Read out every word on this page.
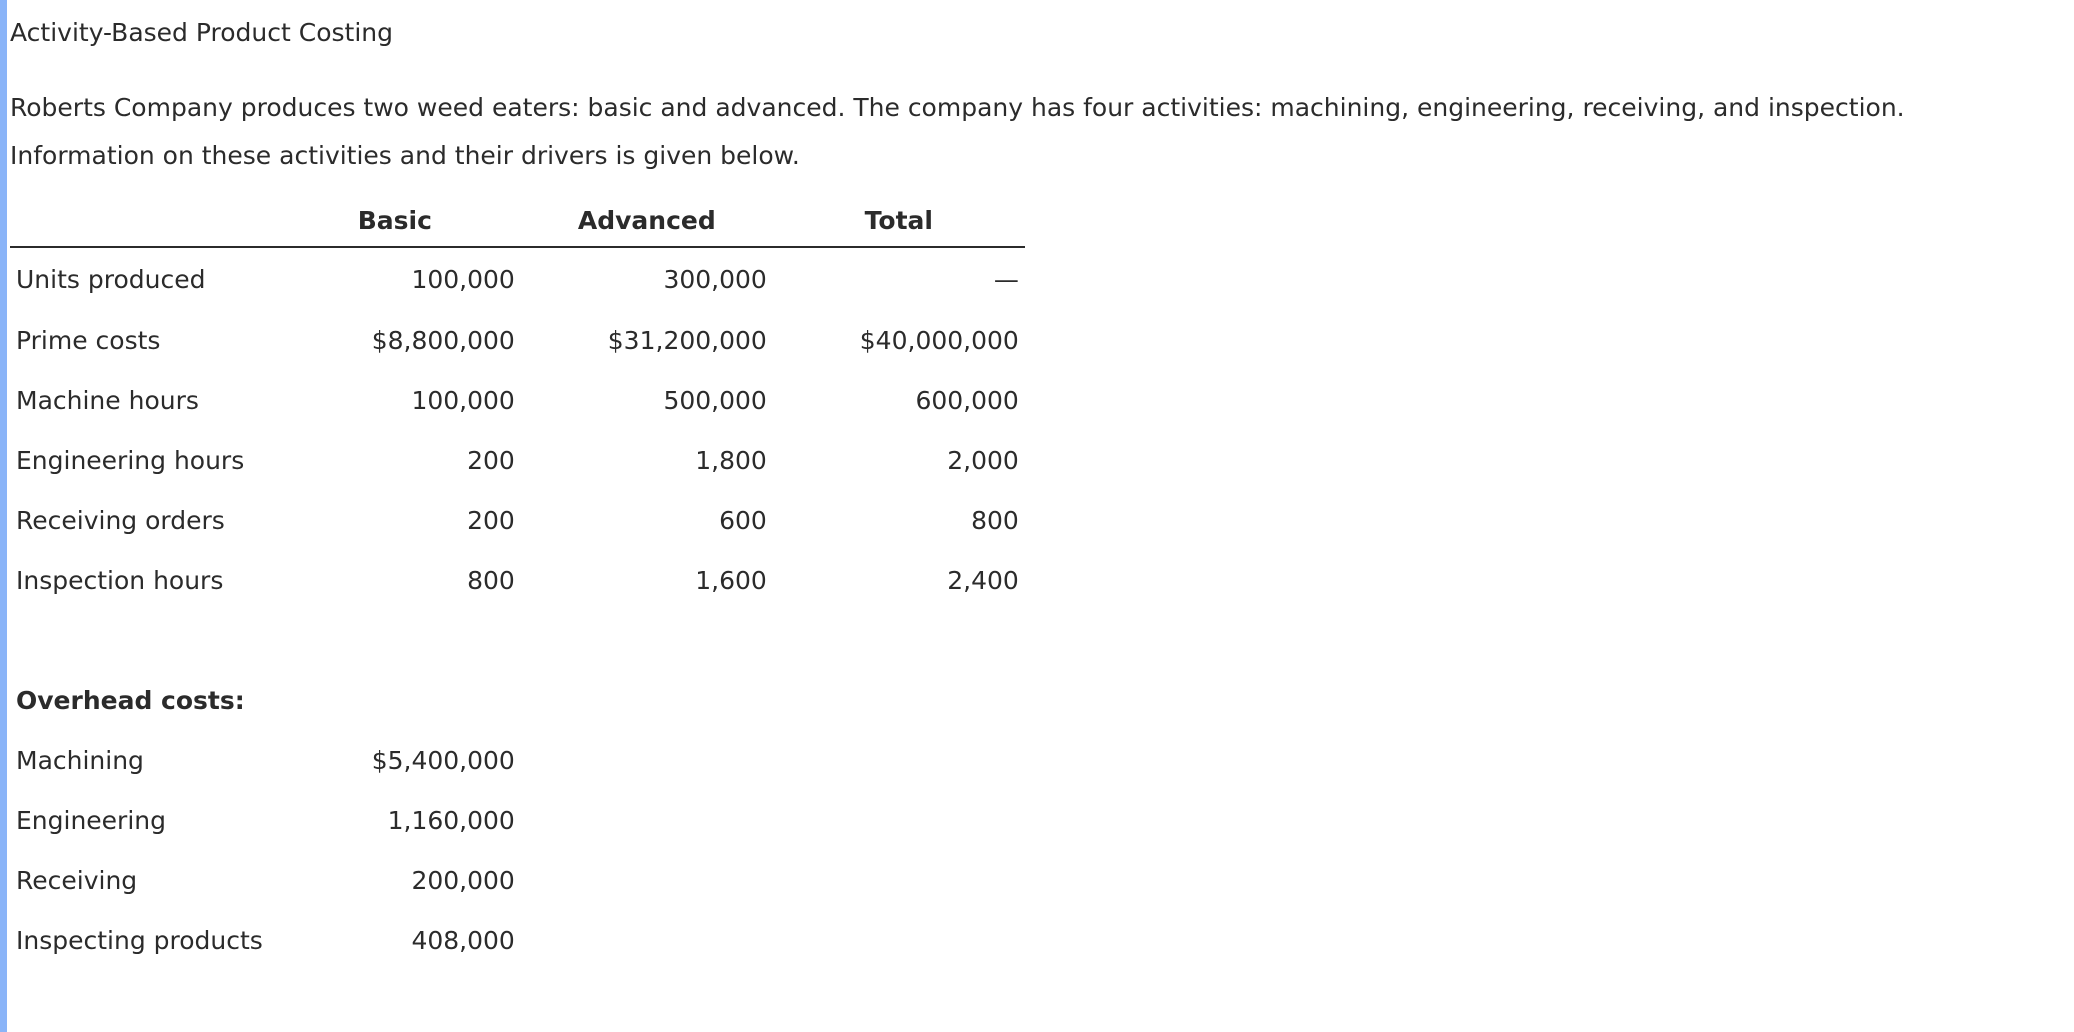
Activity-Based Product Costing

Roberts Company produces two weed eaters: basic and advanced. The company has four activities: machining, engineering, receiving, and inspection. Information on these activities and their drivers is given below.

	Basic	Advanced	Total
Units produced	100,000	300,000	—
Prime costs	$8,800,000	$31,200,000	$40,000,000
Machine hours	100,000	500,000	600,000
Engineering hours	200	1,800	2,000
Receiving orders	200	600	800
Inspection hours	800	1,600	2,400

Overhead costs:			
Machining	$5,400,000		
Engineering	1,160,000		
Receiving	200,000		
Inspecting products	408,000		
